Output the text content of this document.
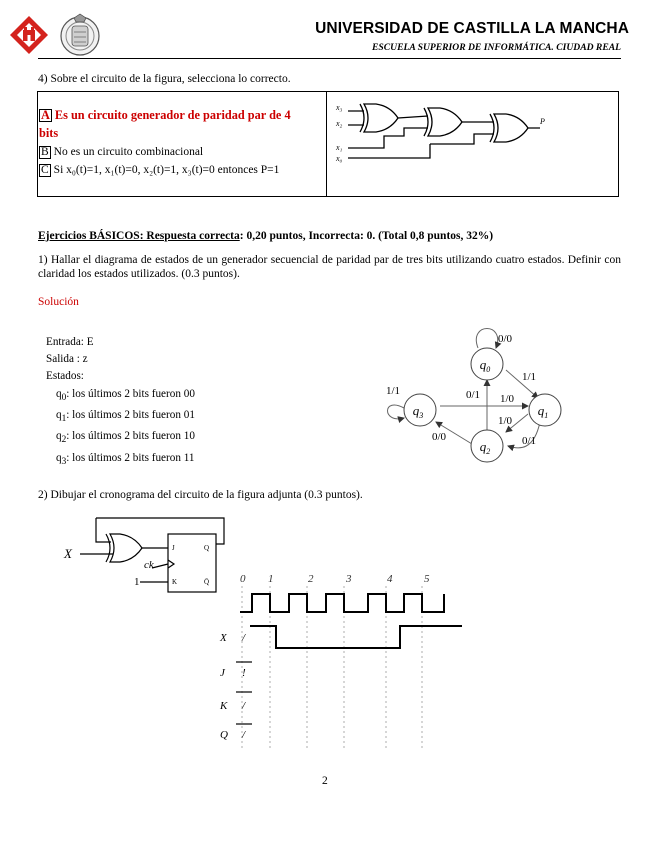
UNIVERSIDAD DE CASTILLA LA MANCHA
ESCUELA SUPERIOR DE INFORMÁTICA. CIUDAD REAL
4) Sobre el circuito de la figura, selecciona lo correcto.
A Es un circuito generador de paridad par de 4
bits
B No es un circuito combinacional
C Si x₀(t)=1, x₁(t)=0, x₂(t)=1, x₃(t)=0 entonces P=1
x₃
x₂
x₁
x₀
P
Ejercicios BÁSICOS: Respuesta correcta: 0,20 puntos, Incorrecta: 0. (Total 0,8 puntos, 32%)
1) Hallar el diagrama de estados de un generador secuencial de paridad par de tres bits utilizando cuatro estados. Definir con claridad los estados utilizados. (0.3 puntos).
Solución
Entrada: E
Salida : z
Estados:
$q_0$: los últimos 2 bits fueron 00
$q_1$: los últimos 2 bits fueron 01
$q_2$: los últimos 2 bits fueron 10
$q_3$: los últimos 2 bits fueron 11
$q_0$
$q_1$
$q_2$
$q_3$
0/0
1/1
0/1
1/1
1/0
1/0
0/0	0/1
2) Dibujar el cronograma del circuito de la figura adjunta (0.3 puntos).
X
ck
1
J
K
Q
Q̄	0 1	2	3	4	5
X /
J !
K /
Q /
2
